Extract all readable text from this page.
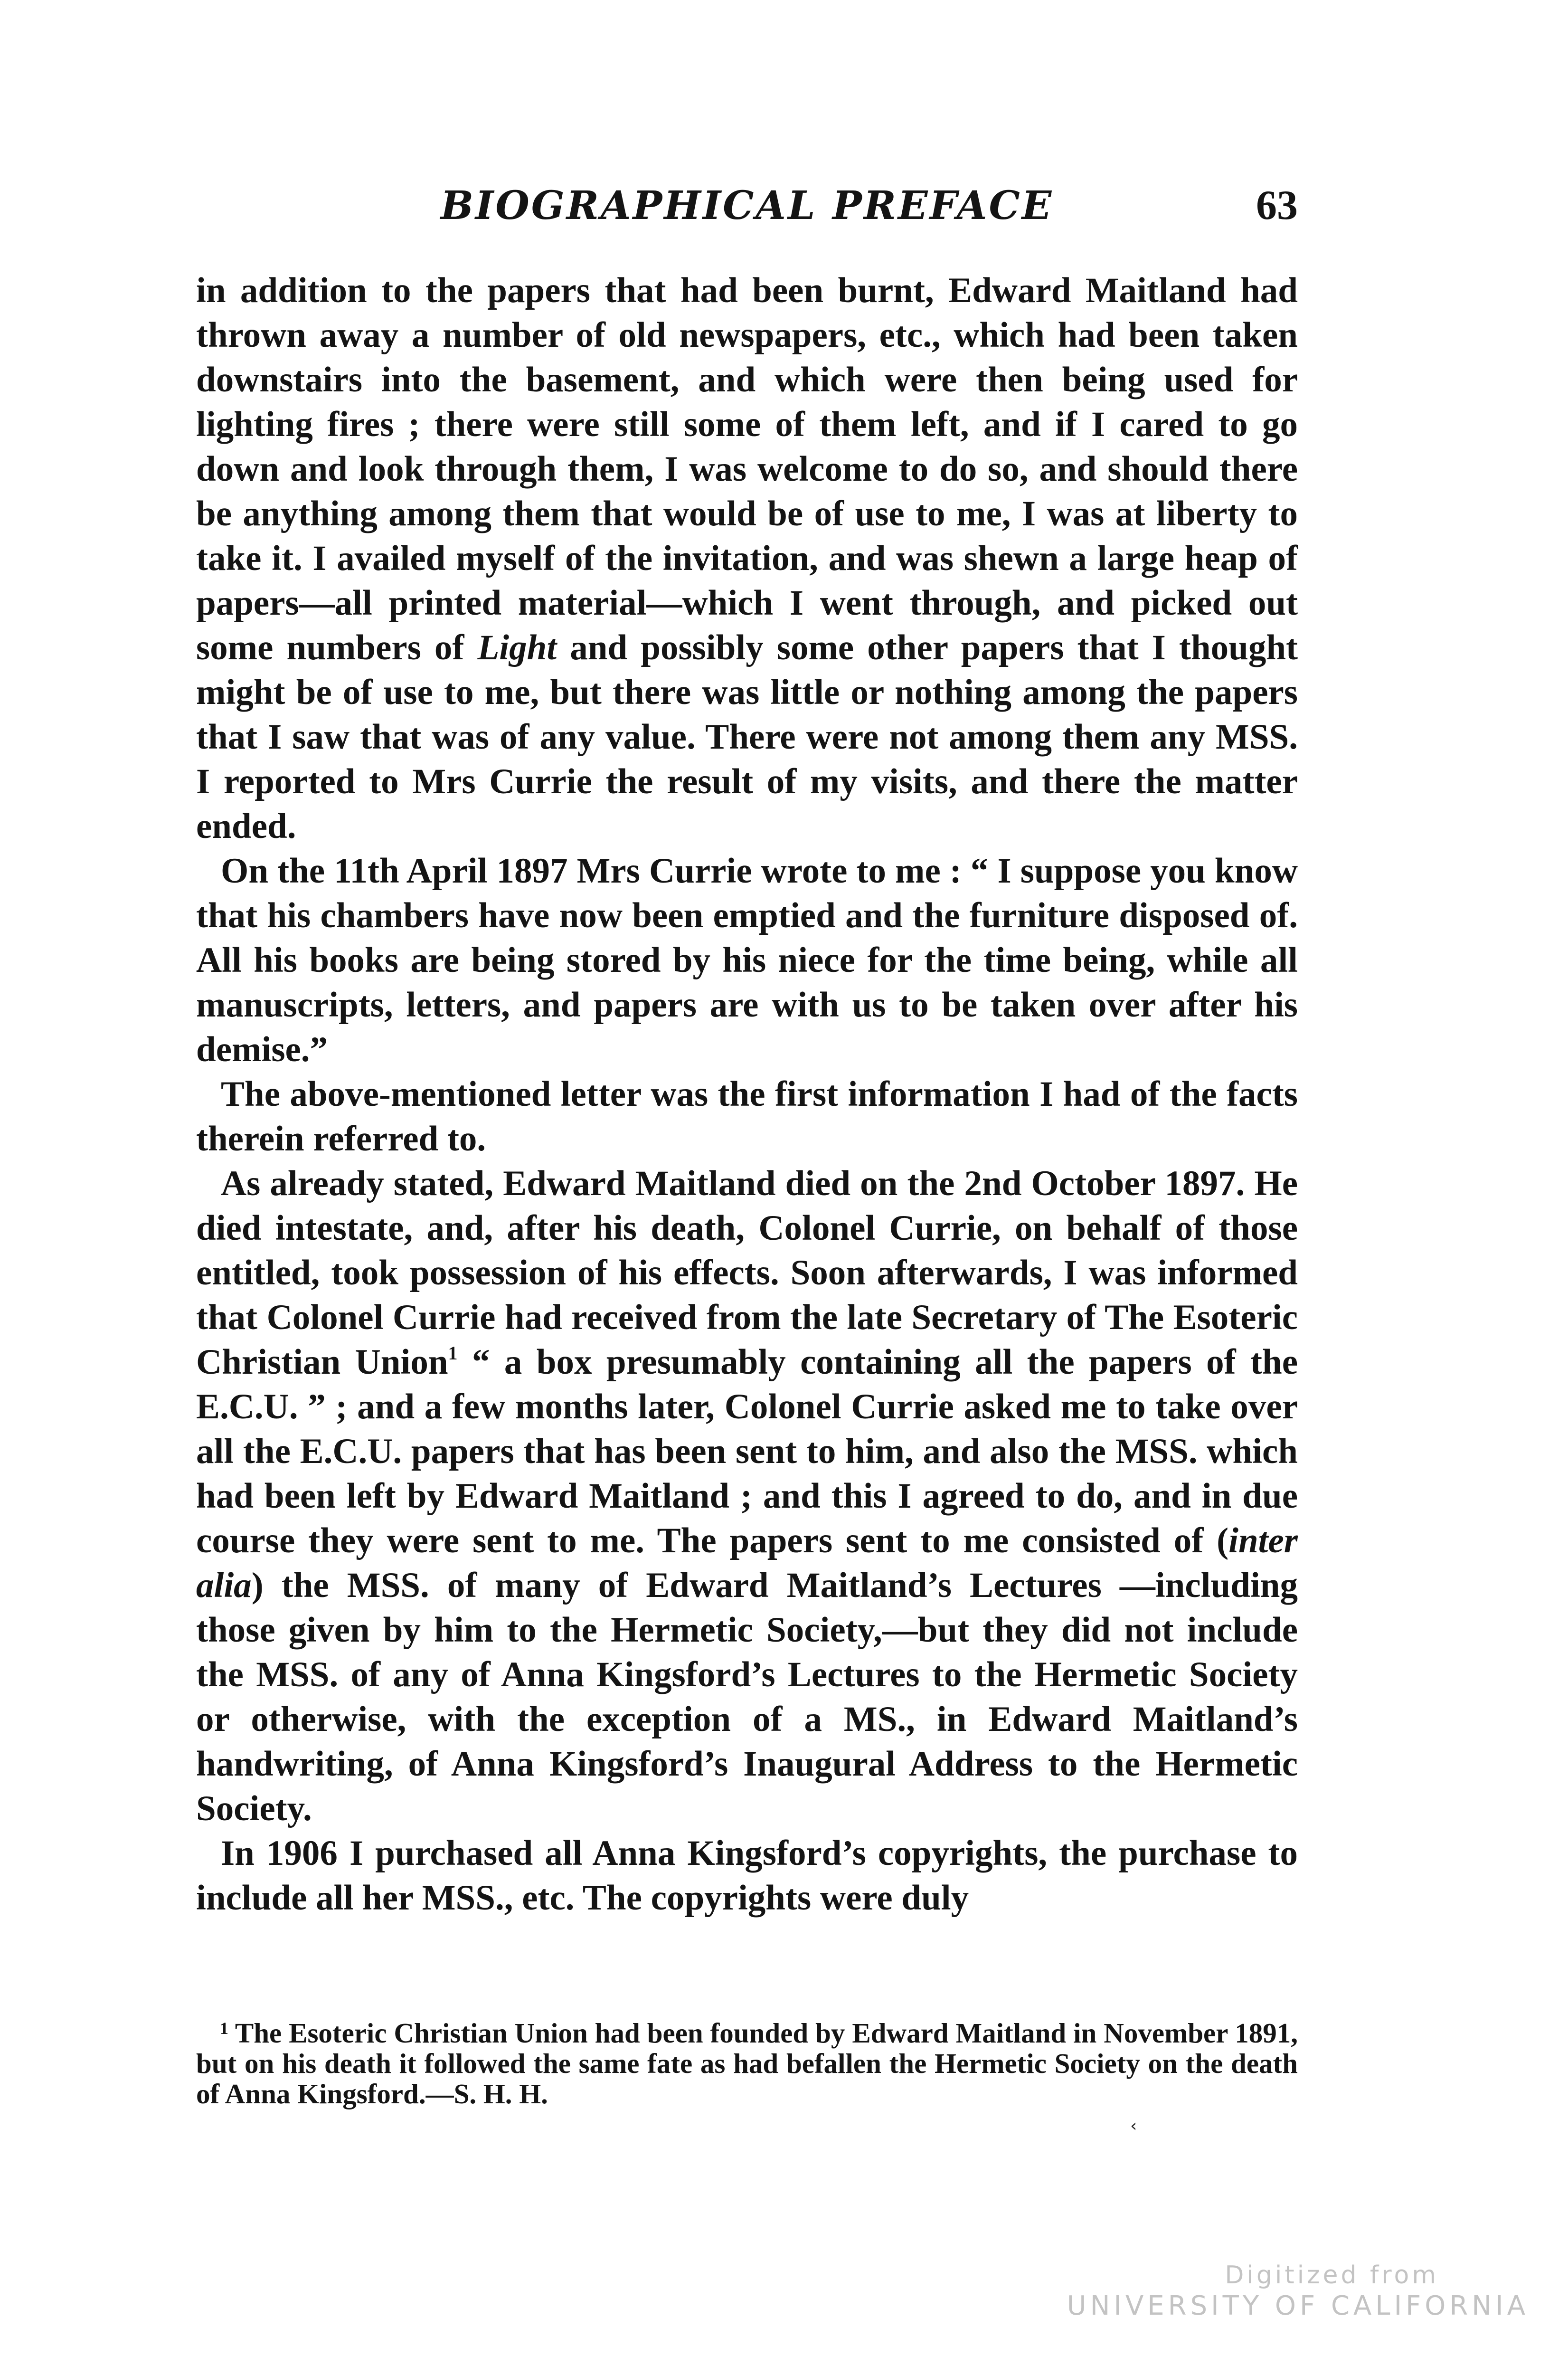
BIOGRAPHICAL PREFACE	63

in addition to the papers that had been burnt, Edward Maitland had thrown away a number of old newspapers, etc., which had been taken downstairs into the basement, and which were then being used for lighting fires ; there were still some of them left, and if I cared to go down and look through them, I was welcome to do so, and should there be anything among them that would be of use to me, I was at liberty to take it. I availed myself of the invitation, and was shewn a large heap of papers—all printed material—which I went through, and picked out some numbers of Light and possibly some other papers that I thought might be of use to me, but there was little or nothing among the papers that I saw that was of any value. There were not among them any MSS. I reported to Mrs Currie the result of my visits, and there the matter ended.

On the 11th April 1897 Mrs Currie wrote to me : “ I suppose you know that his chambers have now been emptied and the furniture disposed of. All his books are being stored by his niece for the time being, while all manuscripts, letters, and papers are with us to be taken over after his demise.”

The above-mentioned letter was the first information I had of the facts therein referred to.

As already stated, Edward Maitland died on the 2nd October 1897. He died intestate, and, after his death, Colonel Currie, on behalf of those entitled, took possession of his effects. Soon afterwards, I was informed that Colonel Currie had received from the late Secretary of The Esoteric Christian Union$^1$ “ a box presumably containing all the papers of the E.C.U. ” ; and a few months later, Colonel Currie asked me to take over all the E.C.U. papers that has been sent to him, and also the MSS. which had been left by Edward Maitland ; and this I agreed to do, and in due course they were sent to me. The papers sent to me consisted of (inter alia) the MSS. of many of Edward Maitland’s Lectures —including those given by him to the Hermetic Society,—but they did not include the MSS. of any of Anna Kingsford’s Lectures to the Hermetic Society or otherwise, with the exception of a MS., in Edward Maitland’s handwriting, of Anna Kingsford’s Inaugural Address to the Hermetic Society.

In 1906 I purchased all Anna Kingsford’s copyrights, the purchase to include all her MSS., etc. The copyrights were duly

$^1$ The Esoteric Christian Union had been founded by Edward Maitland in November 1891, but on his death it followed the same fate as had befallen the Hermetic Society on the death of Anna Kingsford.—S. H. H.
‹
Digitized from
UNIVERSITY OF CALIFORNIA
